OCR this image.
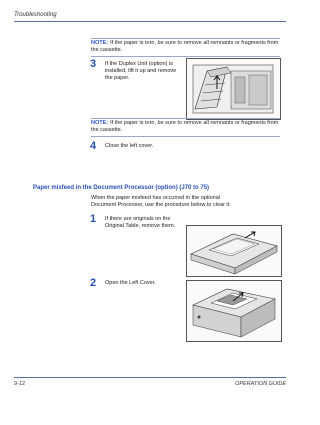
Troubleshooting
NOTE: If the paper is torn, be sure to remove all remnants or fragments from the cassette.
3 If the Duplex Unit (option) is installed, lift it up and remove the paper.
NOTE: If the paper is torn, be sure to remove all remnants or fragments from the cassette.
4 Close the left cover.
Paper misfeed in the Document Processor (option) (J70 to 75)
When the paper misfeed has occurred in the optional Document Processor, use the procedure below to clear it.
1 If there are originals on the Original Table, remove them.
2 Open the Left Cover.
9-12	OPERATION GUIDE
